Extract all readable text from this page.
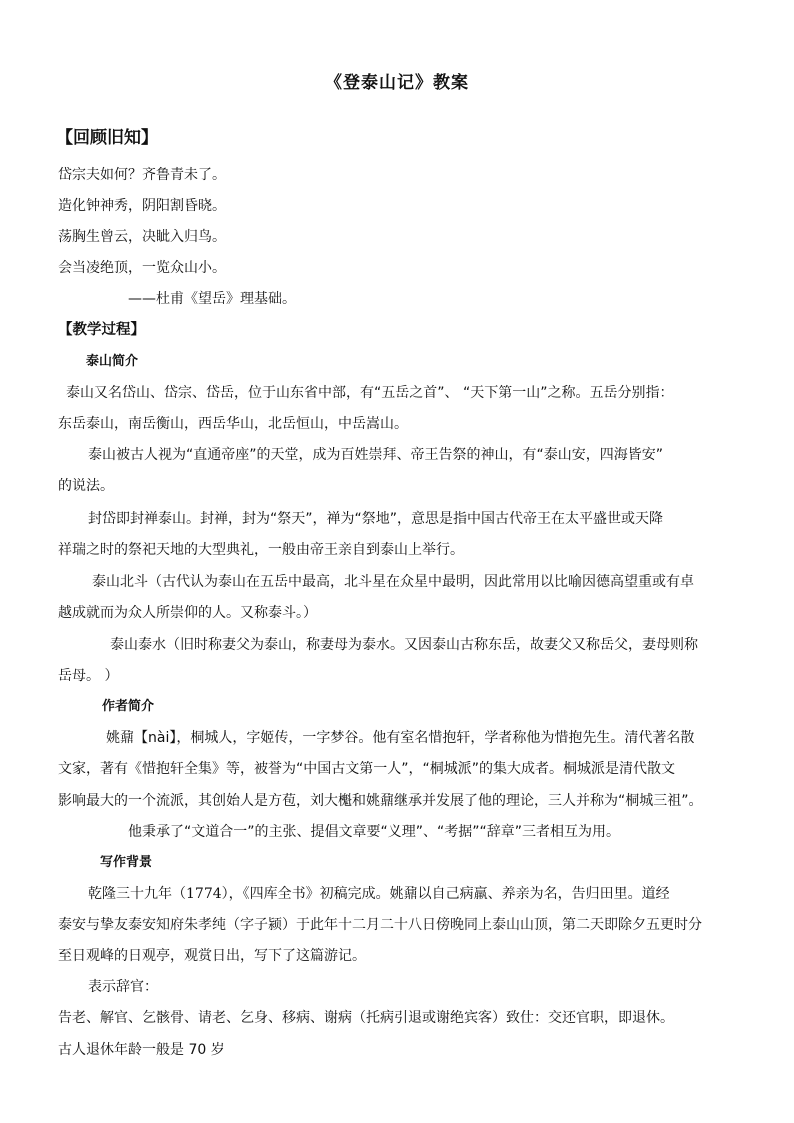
《登泰山记》教案
【回顾旧知】
岱宗夫如何？齐鲁青未了。
造化钟神秀，阴阳割昏晓。
荡胸生曾云，决眦入归鸟。
会当凌绝顶，一览众山小。
——杜甫《望岳》理基础。
【教学过程】
泰山简介
泰山又名岱山、岱宗、岱岳，位于山东省中部，有“五岳之首”、 “天下第一山”之称。五岳分别指：
东岳泰山，南岳衡山，西岳华山，北岳恒山，中岳嵩山。
泰山被古人视为“直通帝座”的天堂，成为百姓崇拜、帝王告祭的神山，有“泰山安，四海皆安”
的说法。
封岱即封禅泰山。封禅，封为“祭天”，禅为“祭地”，意思是指中国古代帝王在太平盛世或天降
祥瑞之时的祭祀天地的大型典礼，一般由帝王亲自到泰山上举行。
泰山北斗（古代认为泰山在五岳中最高，北斗星在众星中最明，因此常用以比喻因德高望重或有卓
越成就而为众人所崇仰的人。又称泰斗。）
泰山泰水（旧时称妻父为泰山，称妻母为泰水。又因泰山古称东岳，故妻父又称岳父，妻母则称
岳母。 ）
作者简介
姚鼐【nài】，桐城人，字姬传，一字梦谷。他有室名惜抱轩，学者称他为惜抱先生。清代著名散
文家，著有《惜抱轩全集》等，被誉为“中国古文第一人”，“桐城派”的集大成者。桐城派是清代散文
影响最大的一个流派，其创始人是方苞，刘大櫆和姚鼐继承并发展了他的理论，三人并称为“桐城三祖”。
他秉承了“文道合一”的主张、提倡文章要“义理”、“考据”“辞章”三者相互为用。
写作背景
乾隆三十九年（1774），《四库全书》初稿完成。姚鼐以自己病羸、养亲为名，告归田里。道经
泰安与挚友泰安知府朱孝纯（字子颍）于此年十二月二十八日傍晚同上泰山山顶，第二天即除夕五更时分
至日观峰的日观亭，观赏日出，写下了这篇游记。
表示辞官：
告老、解官、乞骸骨、请老、乞身、移病、谢病（托病引退或谢绝宾客）致仕：交还官职，即退休。
古人退休年龄一般是 70 岁
